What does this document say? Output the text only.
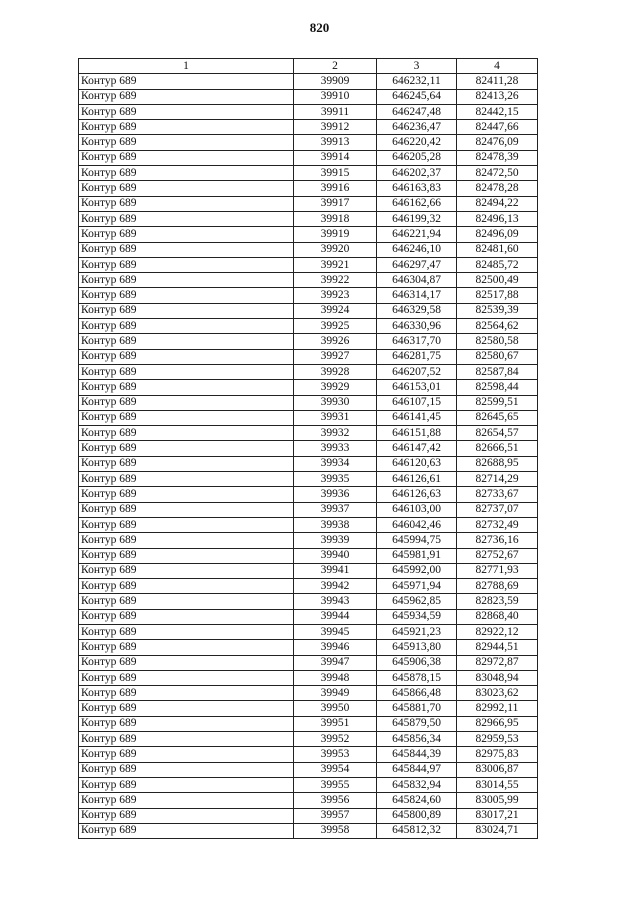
820
1	2	3	4
Контур 689	39909	646232,11	82411,28
Контур 689	39910	646245,64	82413,26
Контур 689	39911	646247,48	82442,15
Контур 689	39912	646236,47	82447,66
Контур 689	39913	646220,42	82476,09
Контур 689	39914	646205,28	82478,39
Контур 689	39915	646202,37	82472,50
Контур 689	39916	646163,83	82478,28
Контур 689	39917	646162,66	82494,22
Контур 689	39918	646199,32	82496,13
Контур 689	39919	646221,94	82496,09
Контур 689	39920	646246,10	82481,60
Контур 689	39921	646297,47	82485,72
Контур 689	39922	646304,87	82500,49
Контур 689	39923	646314,17	82517,88
Контур 689	39924	646329,58	82539,39
Контур 689	39925	646330,96	82564,62
Контур 689	39926	646317,70	82580,58
Контур 689	39927	646281,75	82580,67
Контур 689	39928	646207,52	82587,84
Контур 689	39929	646153,01	82598,44
Контур 689	39930	646107,15	82599,51
Контур 689	39931	646141,45	82645,65
Контур 689	39932	646151,88	82654,57
Контур 689	39933	646147,42	82666,51
Контур 689	39934	646120,63	82688,95
Контур 689	39935	646126,61	82714,29
Контур 689	39936	646126,63	82733,67
Контур 689	39937	646103,00	82737,07
Контур 689	39938	646042,46	82732,49
Контур 689	39939	645994,75	82736,16
Контур 689	39940	645981,91	82752,67
Контур 689	39941	645992,00	82771,93
Контур 689	39942	645971,94	82788,69
Контур 689	39943	645962,85	82823,59
Контур 689	39944	645934,59	82868,40
Контур 689	39945	645921,23	82922,12
Контур 689	39946	645913,80	82944,51
Контур 689	39947	645906,38	82972,87
Контур 689	39948	645878,15	83048,94
Контур 689	39949	645866,48	83023,62
Контур 689	39950	645881,70	82992,11
Контур 689	39951	645879,50	82966,95
Контур 689	39952	645856,34	82959,53
Контур 689	39953	645844,39	82975,83
Контур 689	39954	645844,97	83006,87
Контур 689	39955	645832,94	83014,55
Контур 689	39956	645824,60	83005,99
Контур 689	39957	645800,89	83017,21
Контур 689	39958	645812,32	83024,71
